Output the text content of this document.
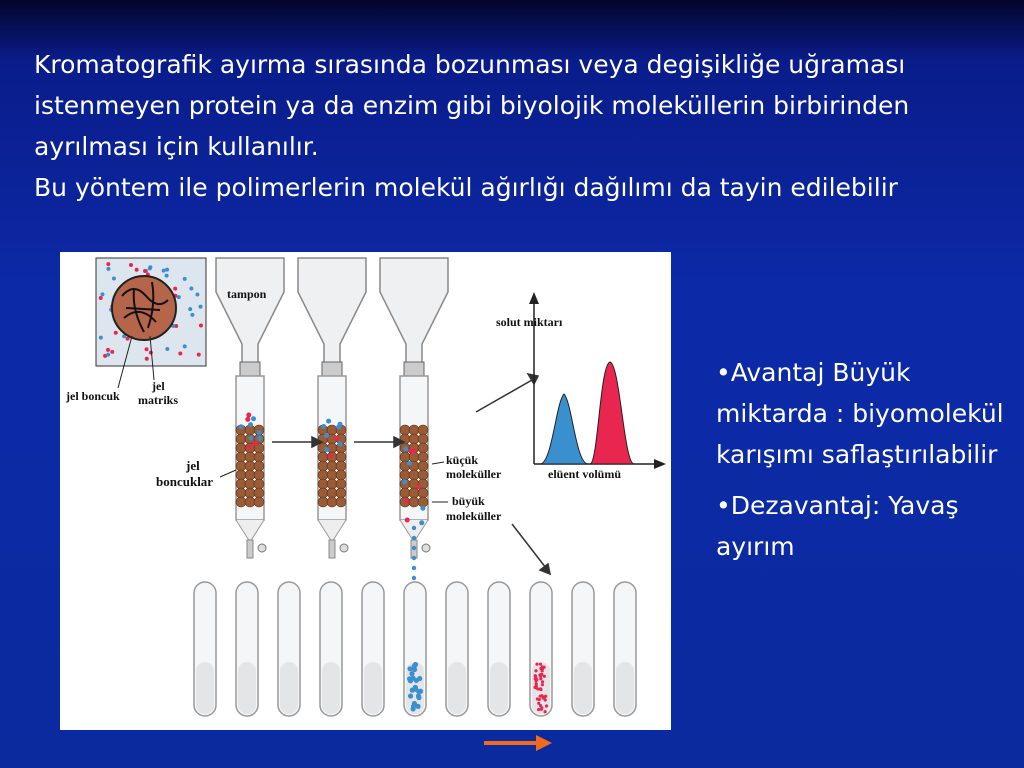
Kromatografik ayırma sırasında bozunması veya degişikliğe uğraması istenmeyen protein ya da enzim gibi biyolojik moleküllerin birbirinden ayrılması için kullanılır.

Bu yöntem ile polimerlerin molekül ağırlığı dağılımı da tayin edilebilir

jel boncuk
jel
matriks
tampon
jel
boncuklar
küçük
moleküller
büyük
moleküller
solut miktarı
elüent volümü

•Avantaj Büyük miktarda : biyomolekül karışımı saflaştırılabilir

•Dezavantaj: Yavaş ayırım
